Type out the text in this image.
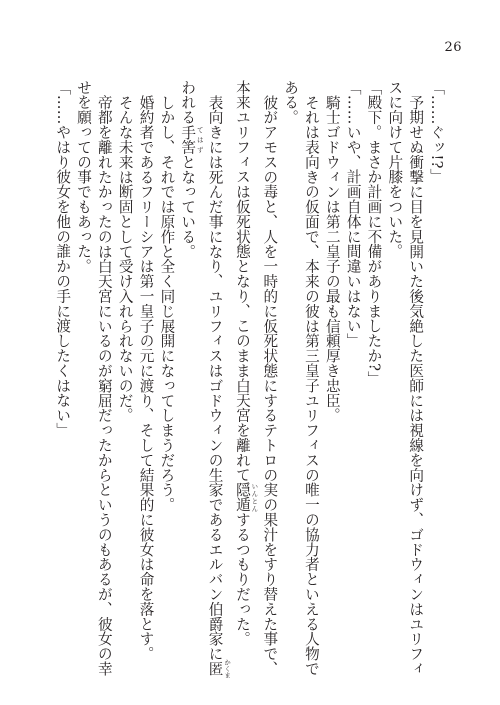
26
「……ぐッ!?」
予期せぬ衝撃に目を見開いた後気絶した医師には視線を向けず、ゴドウィンはユリフィ
スに向けて片膝をついた。
「殿下。まさか計画に不備がありましたか?」
「……いや、計画自体に間違いはない」
騎士ゴドウィンは第二皇子の最も信頼厚き忠臣。
それは表向きの仮面で、本来の彼は第三皇子ユリフィスの唯一の協力者といえる人物で
ある。
彼がアモスの毒と、人を一時的に仮死状態にするテトロの実の果汁をすり替えた事で、
本来ユリフィスは仮死状態となり、このまま白天宮を離れて隠遁 いんとんするつもりだった。
表向きには死んだ事になり、ユリフィスはゴドウィンの生家であるエルバン伯爵家に匿 かくま
われる手筈 てはずとなっている。
しかし、それでは原作と全く同じ展開になってしまうだろう。
婚約者であるフリーシアは第一皇子の元に渡り、そして結果的に彼女は命を落とす。
そんな未来は断固として受け入れられないのだ。
帝都を離れたかったのは白天宮にいるのが窮屈だったからというのもあるが、彼女の幸
せを願っての事でもあった。
「……やはり彼女を他の誰かの手に渡したくはない」
